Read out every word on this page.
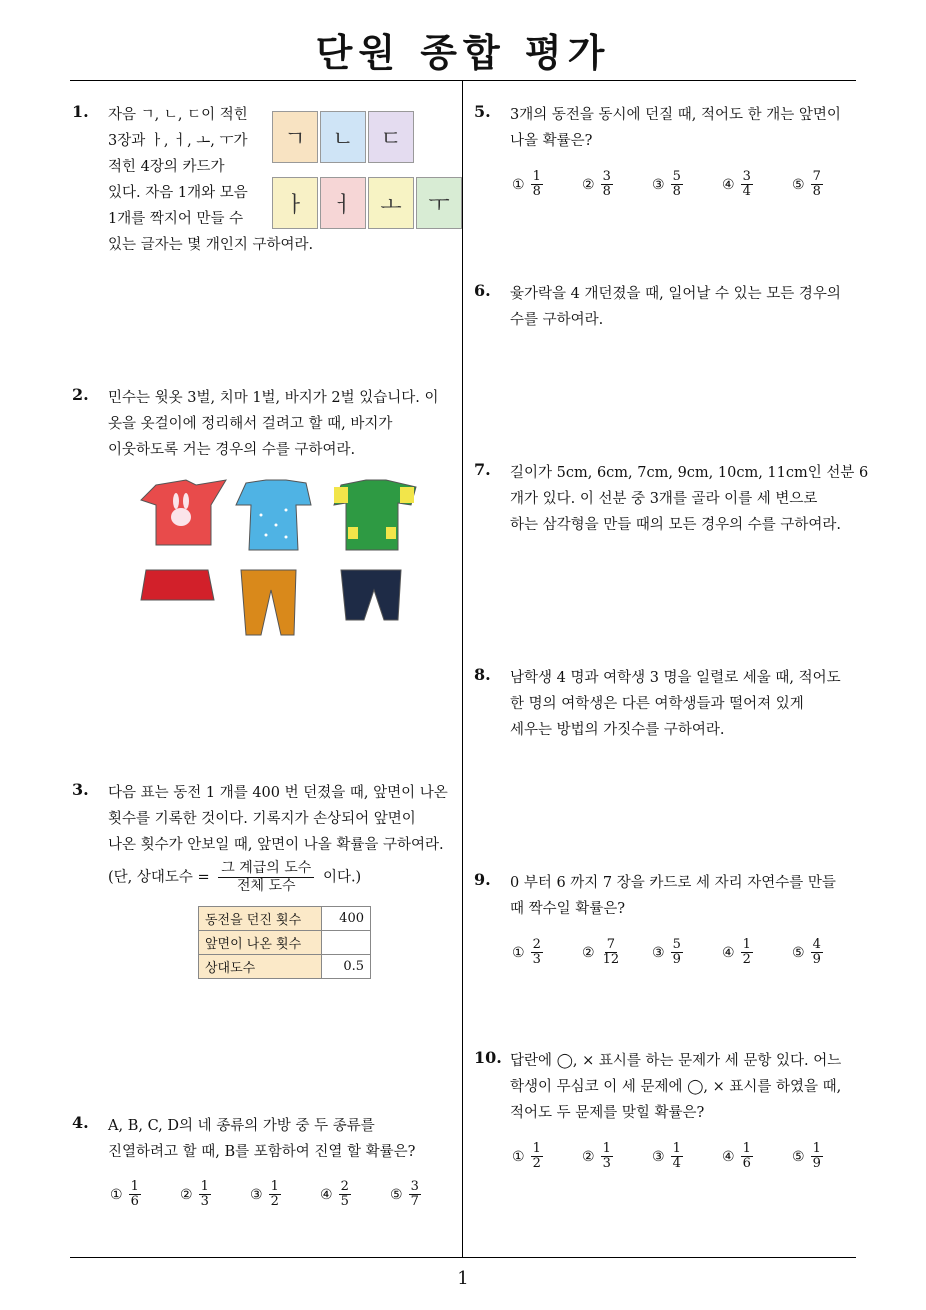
단원 종합 평가
1
1. 자음 ㄱ, ㄴ, ㄷ이 적힌

3장과 ㅏ, ㅓ, ㅗ, ㅜ가

적힌 4장의 카드가

있다. 자음 1개와 모음

1개를 짝지어 만들 수

있는 글자는 몇 개인지 구하여라.

ㄱ	ㄴ	ㄷ
ㅏ	ㅓ	ㅗ	ㅜ
2. 민수는 윗옷 3벌, 치마 1벌, 바지가 2벌 있습니다. 이

옷을 옷걸이에 정리해서 걸려고 할 때, 바지가

이웃하도록 거는 경우의 수를 구하여라.

3. 다음 표는 동전 1 개를 400 번 던졌을 때, 앞면이 나온

횟수를 기록한 것이다. 기록지가 손상되어 앞면이

나온 횟수가 안보일 때, 앞면이 나올 확률을 구하여라.

(단, 상대도수 =
그 계급의 도수
전체 도수
이다.)

동전을 던진 횟수	400
앞면이 나온 횟수	
상대도수	0.5
4. A, B, C, D의 네 종류의 가방 중 두 종류를

진열하려고 할 때, B를 포함하여 진열 할 확률은?

① $\frac{1}{6}$	② $\frac{1}{3}$	③ $\frac{1}{2}$	④ $\frac{2}{5}$	⑤ $\frac{3}{7}$
5. 3개의 동전을 동시에 던질 때, 적어도 한 개는 앞면이

나올 확률은?

① $\frac{1}{8}$	② $\frac{3}{8}$	③ $\frac{5}{8}$	④ $\frac{3}{4}$	⑤ $\frac{7}{8}$
6. 윷가락을 4 개던졌을 때, 일어날 수 있는 모든 경우의

수를 구하여라.

7. 길이가 5cm, 6cm, 7cm, 9cm, 10cm, 11cm인 선분 6

개가 있다. 이 선분 중 3개를 골라 이를 세 변으로

하는 삼각형을 만들 때의 모든 경우의 수를 구하여라.

8. 남학생 4 명과 여학생 3 명을 일렬로 세울 때, 적어도

한 명의 여학생은 다른 여학생들과 떨어져 있게

세우는 방법의 가짓수를 구하여라.

9. 0 부터 6 까지 7 장을 카드로 세 자리 자연수를 만들

때 짝수일 확률은?

① $\frac{2}{3}$	② $\frac{7}{12}$ ③ $\frac{5}{9}$	④ $\frac{1}{2}$	⑤ $\frac{4}{9}$
10. 답란에 ◯, × 표시를 하는 문제가 세 문항 있다. 어느

학생이 무심코 이 세 문제에 ◯, × 표시를 하였을 때,

적어도 두 문제를 맞힐 확률은?

① $\frac{1}{2}$	② $\frac{1}{3}$	③ $\frac{1}{4}$	④ $\frac{1}{6}$	⑤ $\frac{1}{9}$
